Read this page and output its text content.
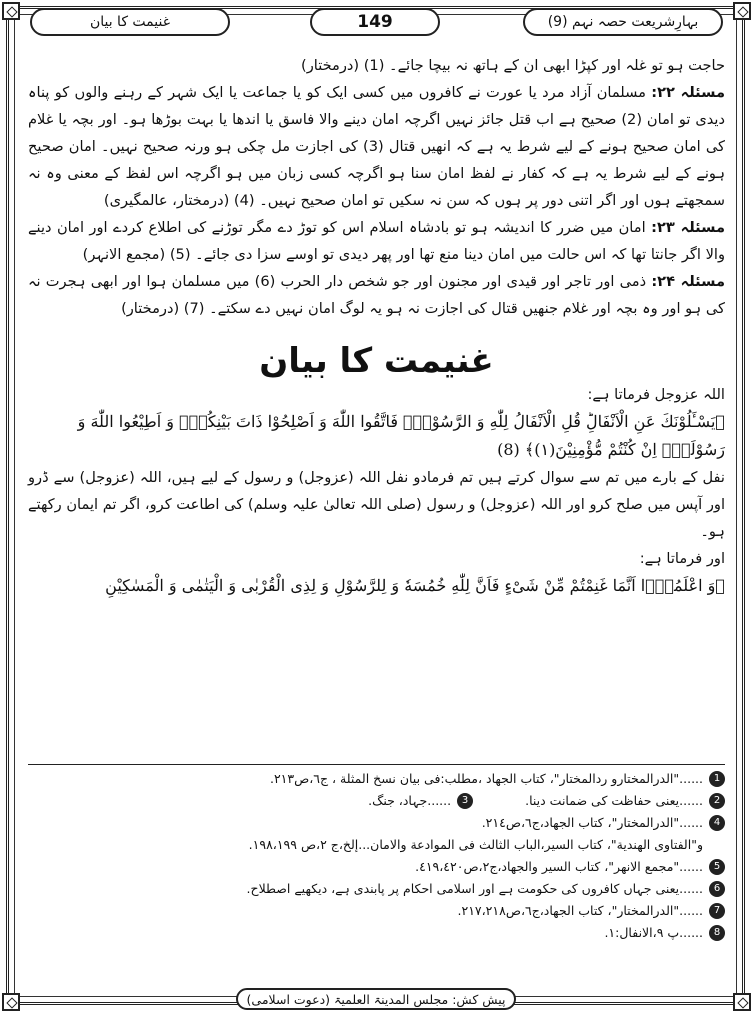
بہارِشریعت حصہ نہم (9)
149
غنیمت کا بیان

حاجت ہو تو غلہ اور کپڑا ابھی ان کے ہاتھ نہ بیچا جائے۔ (1) (درمختار)

مسئلہ ۲۲: مسلمان آزاد مرد یا عورت نے کافروں میں کسی ایک کو یا جماعت یا ایک شہر کے رہنے والوں کو پناہ دیدی تو امان (2) صحیح ہے اب قتل جائز نہیں اگرچہ امان دینے والا فاسق یا اندھا یا بہت بوڑھا ہو۔ اور بچہ یا غلام کی امان صحیح ہونے کے لیے شرط یہ ہے کہ انھیں قتال (3) کی اجازت مل چکی ہو ورنہ صحیح نہیں۔ امان صحیح ہونے کے لیے شرط یہ ہے کہ کفار نے لفظ امان سنا ہو اگرچہ کسی زبان میں ہو اگرچہ اس لفظ کے معنی وہ نہ سمجھتے ہوں اور اگر اتنی دور پر ہوں کہ سن نہ سکیں تو امان صحیح نہیں۔ (4) (درمختار، عالمگیری)

مسئلہ ۲۳: امان میں ضرر کا اندیشہ ہو تو بادشاہ اسلام اس کو توڑ دے مگر توڑنے کی اطلاع کردے اور امان دینے والا اگر جانتا تھا کہ اس حالت میں امان دینا منع تھا اور پھر دیدی تو اوسے سزا دی جائے۔ (5) (مجمع الانہر)

مسئلہ ۲۴: ذمی اور تاجر اور قیدی اور مجنون اور جو شخص دار الحرب (6) میں مسلمان ہوا اور ابھی ہجرت نہ کی ہو اور وہ بچہ اور غلام جنھیں قتال کی اجازت نہ ہو یہ لوگ امان نہیں دے سکتے۔ (7) (درمختار)

غنیمت کا بیان

اللہ عزوجل فرماتا ہے:

﴿يَسْـَٔلُوْنَكَ عَنِ الْاَنْفَالِؕ قُلِ الْاَنْفَالُ لِلّٰهِ وَ الرَّسُوْلِۚ فَاتَّقُوا اللّٰهَ وَ اَصْلِحُوْا ذَاتَ بَیْنِكُمْ۪ وَ اَطِیْعُوا اللّٰهَ وَ رَسُوْلَهٗۤ اِنْ كُنْتُمْ مُّؤْمِنِیْنَ(۱)﴾ (8)

نفل کے بارے میں تم سے سوال کرتے ہیں تم فرمادو نفل اللہ (عزوجل) و رسول کے لیے ہیں، اللہ (عزوجل) سے ڈرو اور آپس میں صلح کرو اور اللہ (عزوجل) و رسول (صلی اللہ تعالیٰ علیہ وسلم) کی اطاعت کرو، اگر تم ایمان رکھتے ہو۔

اور فرماتا ہے:

﴿وَ اعْلَمُوْۤا اَنَّمَا غَنِمْتُمْ مِّنْ شَیْءٍ فَاَنَّ لِلّٰهِ خُمُسَهٗ وَ لِلرَّسُوْلِ وَ لِذِی الْقُرْبٰى وَ الْیَتٰمٰى وَ الْمَسٰكِیْنِ

1
......"الدرالمختارو ردالمختار"، کتاب الجهاد ،مطلب:فی بیان نسخ المثلة ، ج٦،ص٢١٣.
2
......یعنی حفاظت کی ضمانت دینا.
3
......جہاد، جنگ.
4
......"الدرالمختار"، کتاب الجهاد،ج٦،ص٢١٤.
و"الفتاوی الهندية"، کتاب السير،الباب الثالث فی الموادعة والامان...إلخ،ج ٢،ص ١٩٨،١٩٩.
5
......"مجمع الانهر"، کتاب السير والجهاد،ج٢،ص٤١٩،٤٢٠.
6
......یعنی جہاں کافروں کی حکومت ہے اور اسلامی احکام پر پابندی ہے، دیکھیے اصطلاح.
7
......"الدرالمختار"، کتاب الجهاد،ج٦،ص٢١٧،٢١٨.
8
......پ ٩،الانفال:١.
پیش کش: مجلس المدینۃ العلمیۃ (دعوت اسلامی)
